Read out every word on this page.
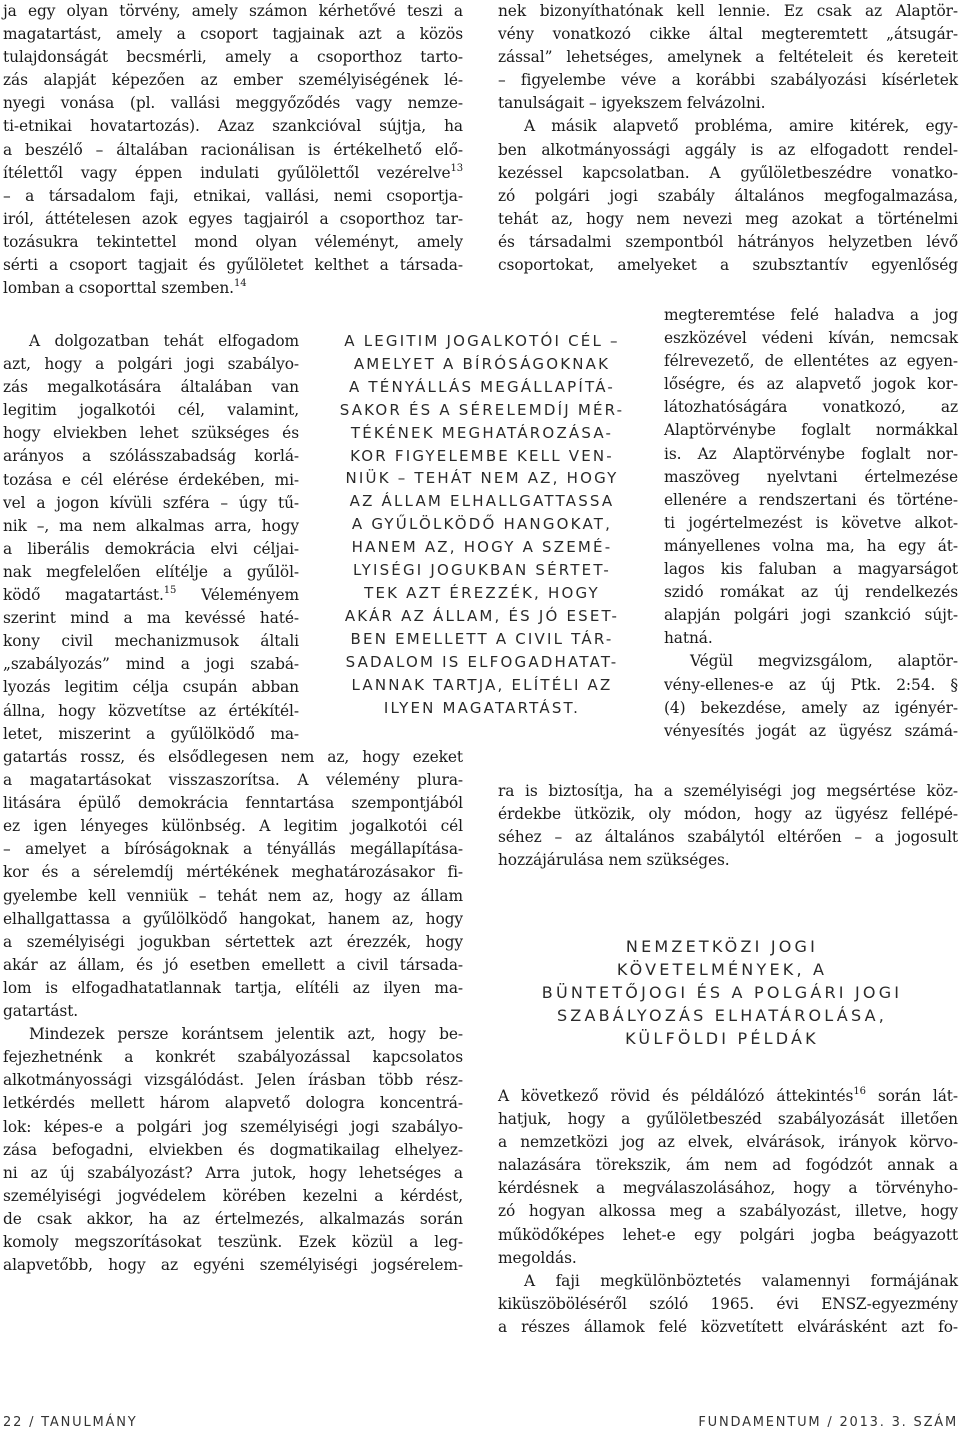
ja egy olyan törvény, amely számon kérhetővé teszi a
magatartást, amely a csoport tagjainak azt a közös
tulajdonságát becsmérli, amely a csoporthoz tarto-
zás alapját képezően az ember személyiségének lé-
nyegi vonása (pl. vallási meggyőződés vagy nemze-
ti-etnikai hovatartozás). Azaz szankcióval sújtja, ha
a beszélő – általában racionálisan is értékelhető elő-
ítélettől vagy éppen indulati gyűlölettől vezérelve$^{13}$
– a társadalom faji, etnikai, vallási, nemi csoportja-
iról, áttételesen azok egyes tagjairól a csoporthoz tar-
tozásukra tekintettel mond olyan véleményt, amely
sérti a csoport tagjait és gyűlöletet kelthet a társada-
lomban a csoporttal szemben.$^{14}$
A dolgozatban tehát elfogadom
azt, hogy a polgári jogi szabályo-
zás megalkotására általában van
legitim jogalkotói cél, valamint,
hogy elviekben lehet szükséges és
arányos a szólásszabadság korlá-
tozása e cél elérése érdekében, mi-
vel a jogon kívüli szféra – úgy tű-
nik –, ma nem alkalmas arra, hogy
a liberális demokrácia elvi céljai-
nak megfelelően elítélje a gyűlöl-
ködő magatartást.$^{15}$ Véleményem
szerint mind a ma kevéssé haté-
kony civil mechanizmusok általi
„szabályozás” mind a jogi szabá-
lyozás legitim célja csupán abban
állna, hogy közvetítse az értékítél-
letet, miszerint a gyűlölködő ma-
gatartás rossz, és elsődlegesen nem az, hogy ezeket
a magatartásokat visszaszorítsa. A vélemény plura-
litására épülő demokrácia fenntartása szempontjából
ez igen lényeges különbség. A legitim jogalkotói cél
– amelyet a bíróságoknak a tényállás megállapítása-
kor és a sérelemdíj mértékének meghatározásakor fi-
gyelembe kell venniük – tehát nem az, hogy az állam
elhallgattassa a gyűlölködő hangokat, hanem az, hogy
a személyiségi jogukban sértettek azt érezzék, hogy
akár az állam, és jó esetben emellett a civil társada-
lom is elfogadhatatlannak tartja, elítéli az ilyen ma-
gatartást.
Mindezek persze korántsem jelentik azt, hogy be-
fejezhetnénk a konkrét szabályozással kapcsolatos
alkotmányossági vizsgálódást. Jelen írásban több rész-
letkérdés mellett három alapvető dologra koncentrá-
lok: képes-e a polgári jog személyiségi jogi szabályo-
zása befogadni, elviekben és dogmatikailag elhelyez-
ni az új szabályozást? Arra jutok, hogy lehetséges a
személyiségi jogvédelem körében kezelni a kérdést,
de csak akkor, ha az értelmezés, alkalmazás során
komoly megszorításokat teszünk. Ezek közül a leg-
alapvetőbb, hogy az egyéni személyiségi jogsérelem-
A LEGITIM JOGALKOTÓI CÉL –
AMELYET A BÍRÓSÁGOKNAK
A TÉNYÁLLÁS MEGÁLLAPÍTÁ-
SAKOR ÉS A SÉRELEMDÍJ MÉR-
TÉKÉNEK MEGHATÁROZÁSA-
KOR FIGYELEMBE KELL VEN-
NIÜK – TEHÁT NEM AZ, HOGY
AZ ÁLLAM ELHALLGATTASSA
A GYŰLÖLKÖDŐ HANGOKAT,
HANEM AZ, HOGY A SZEMÉ-
LYISÉGI JOGUKBAN SÉRTET-
TEK AZT ÉREZZÉK, HOGY
AKÁR AZ ÁLLAM, ÉS JÓ ESET-
BEN EMELLETT A CIVIL TÁR-
SADALOM IS ELFOGADHATAT-
LANNAK TARTJA, ELÍTÉLI AZ
ILYEN MAGATARTÁST.
nek bizonyíthatónak kell lennie. Ez csak az Alaptör-
vény vonatkozó cikke által megteremtett „átsugár-
zással” lehetséges, amelynek a feltételeit és kereteit
– figyelembe véve a korábbi szabályozási kísérletek
tanulságait – igyekszem felvázolni.
A másik alapvető probléma, amire kitérek, egy-
ben alkotmányossági aggály is az elfogadott rendel-
kezéssel kapcsolatban. A gyűlöletbeszédre vonatko-
zó polgári jogi szabály általános megfogalmazása,
tehát az, hogy nem nevezi meg azokat a történelmi
és társadalmi szempontból hátrányos helyzetben lévő
csoportokat, amelyeket a szubsztantív egyenlőség
megteremtése felé haladva a jog
eszközével védeni kíván, nemcsak
félrevezető, de ellentétes az egyen-
lőségre, és az alapvető jogok kor-
látozhatóságára vonatkozó, az
Alaptörvénybe foglalt normákkal
is. Az Alaptörvénybe foglalt nor-
maszöveg nyelvtani értelmezése
ellenére a rendszertani és történe-
ti jogértelmezést is követve alkot-
mányellenes volna ma, ha egy át-
lagos kis faluban a magyarságot
szidó romákat az új rendelkezés
alapján polgári jogi szankció sújt-
hatná.
Végül megvizsgálom, alaptör-
vény-ellenes-e az új Ptk. 2:54. §
(4) bekezdése, amely az igényér-
vényesítés jogát az ügyész számá-
ra is biztosítja, ha a személyiségi jog megsértése köz-
érdekbe ütközik, oly módon, hogy az ügyész fellépé-
séhez – az általános szabálytól eltérően – a jogosult
hozzájárulása nem szükséges.
NEMZETKÖZI JOGI
KÖVETELMÉNYEK, A
BÜNTETŐJOGI ÉS A POLGÁRI JOGI
SZABÁLYOZÁS ELHATÁROLÁSA,
KÜLFÖLDI PÉLDÁK
A következő rövid és példálózó áttekintés$^{16}$ során lát-
hatjuk, hogy a gyűlöletbeszéd szabályozását illetően
a nemzetközi jog az elvek, elvárások, irányok körvo-
nalazására törekszik, ám nem ad fogódzót annak a
kérdésnek a megválaszolásához, hogy a törvényho-
zó hogyan alkossa meg a szabályozást, illetve, hogy
működőképes lehet-e egy polgári jogba beágyazott
megoldás.
A faji megkülönböztetés valamennyi formájának
kiküszöböléséről szóló 1965. évi ENSZ-egyezmény
a részes államok felé közvetített elvárásként azt fo-
22 / TANULMÁNY	FUNDAMENTUM / 2013. 3. SZÁM
